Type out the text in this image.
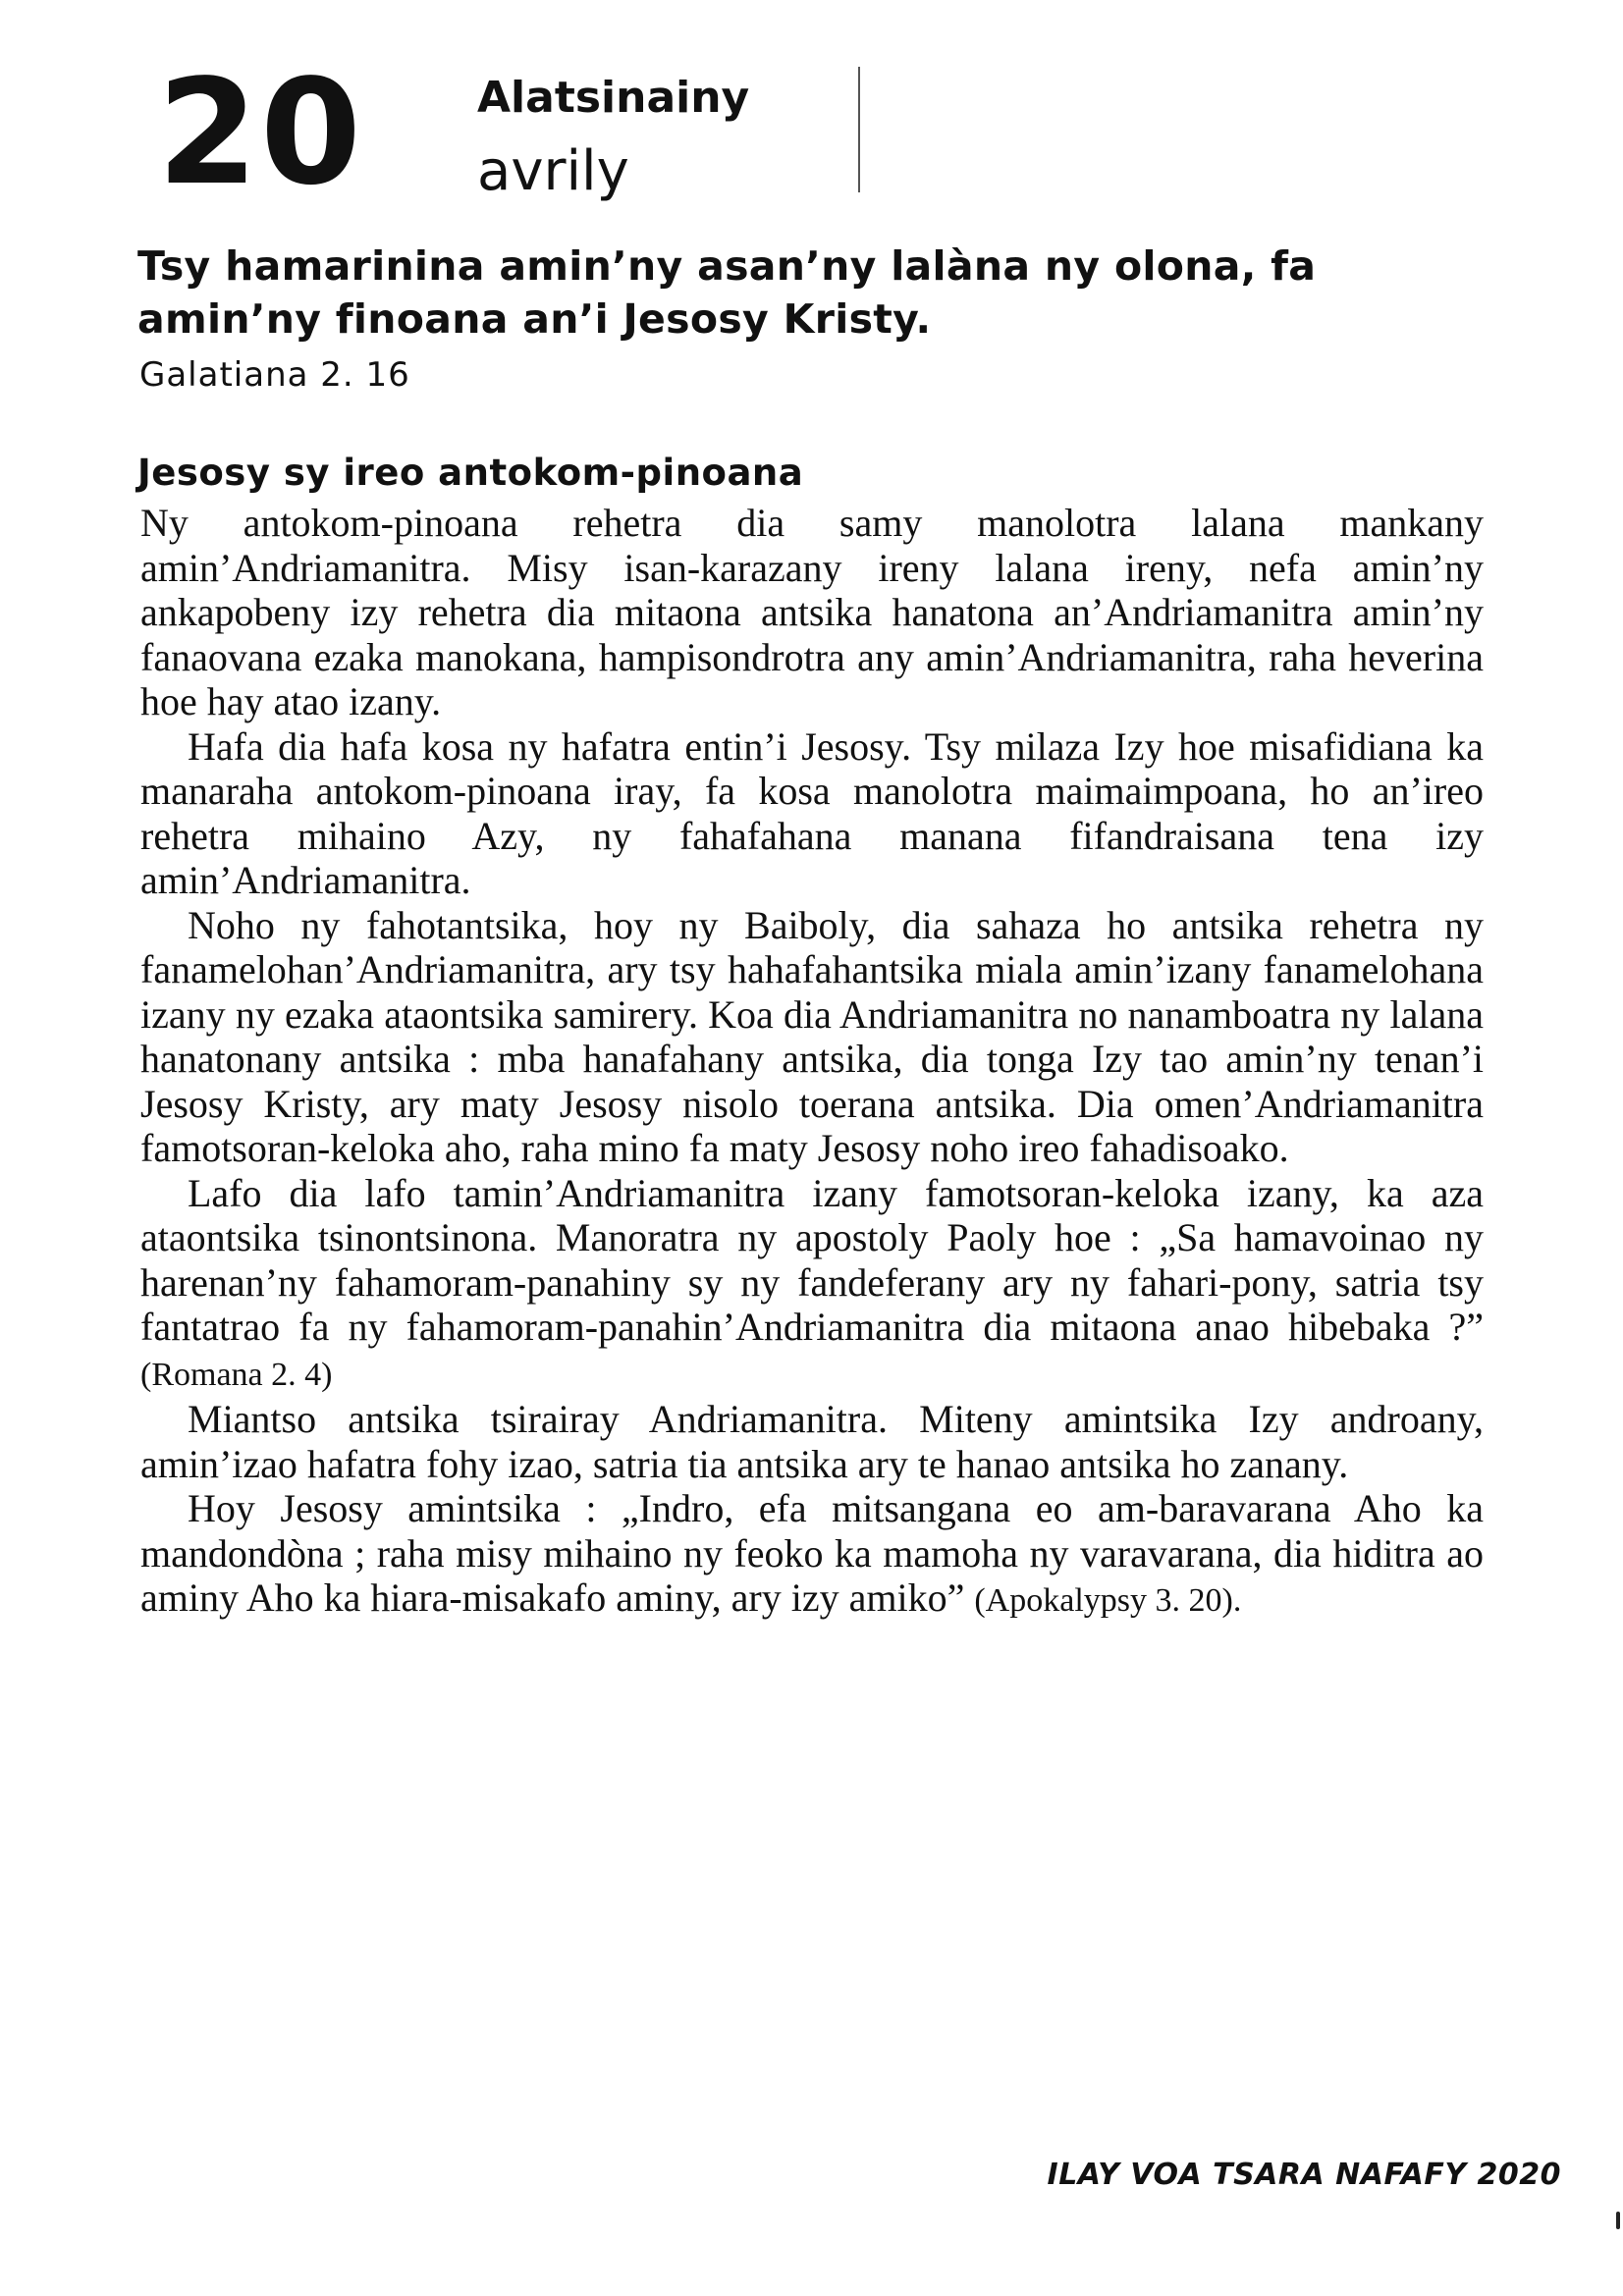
20	Alatsinainy
avrily
Tsy hamarinina amin’ny asan’ny lalàna ny olona, fa amin’ny finoana an’i Jesosy Kristy.
Galatiana 2. 16
Jesosy sy ireo antokom-pinoana

Ny antokom-pinoana rehetra dia samy manolotra lalana mankany amin’Andriamanitra. Misy isan-karazany ireny lalana ireny, nefa amin’ny ankapobeny izy rehetra dia mitaona antsika hanatona an’Andriamanitra amin’ny fanaovana ezaka manokana, hampisondrotra any amin’Andriamanitra, raha heverina hoe hay atao izany.

Hafa dia hafa kosa ny hafatra entin’i Jesosy. Tsy milaza Izy hoe misafidiana ka manaraha antokom-pinoana iray, fa kosa manolotra maimaimpoana, ho an’ireo rehetra mihaino Azy, ny fahafahana manana fifandraisana tena izy amin’Andriamanitra.

Noho ny fahotantsika, hoy ny Baiboly, dia sahaza ho antsika rehetra ny fanamelohan’Andriamanitra, ary tsy hahafahantsika miala amin’izany fanamelohana izany ny ezaka ataontsika samirery. Koa dia Andriamanitra no nanamboatra ny lalana hanatonany antsika : mba hanafahany antsika, dia tonga Izy tao amin’ny tenan’i Jesosy Kristy, ary maty Jesosy nisolo toerana antsika. Dia omen’Andriamanitra famotsoran-keloka aho, raha mino fa maty Jesosy noho ireo fahadisoako.

Lafo dia lafo tamin’Andriamanitra izany famotsoran-keloka izany, ka aza ataontsika tsinontsinona. Manoratra ny apostoly Paoly hoe : „Sa hamavoinao ny harenan’ny fahamoram-panahiny sy ny fandeferany ary ny fahari-pony, satria tsy fantatrao fa ny fahamoram-panahin’Andriamanitra dia mitaona anao hibebaka ?” (Romana 2. 4)

Miantso antsika tsirairay Andriamanitra. Miteny amintsika Izy androany, amin’izao hafatra fohy izao, satria tia antsika ary te hanao antsika ho zanany.

Hoy Jesosy amintsika : „Indro, efa mitsangana eo am-baravarana Aho ka mandondòna ; raha misy mihaino ny feoko ka mamoha ny varavarana, dia hiditra ao aminy Aho ka hiara-misakafo aminy, ary izy amiko” (Apokalypsy 3. 20).

ILAY VOA TSARA NAFAFY 2020
